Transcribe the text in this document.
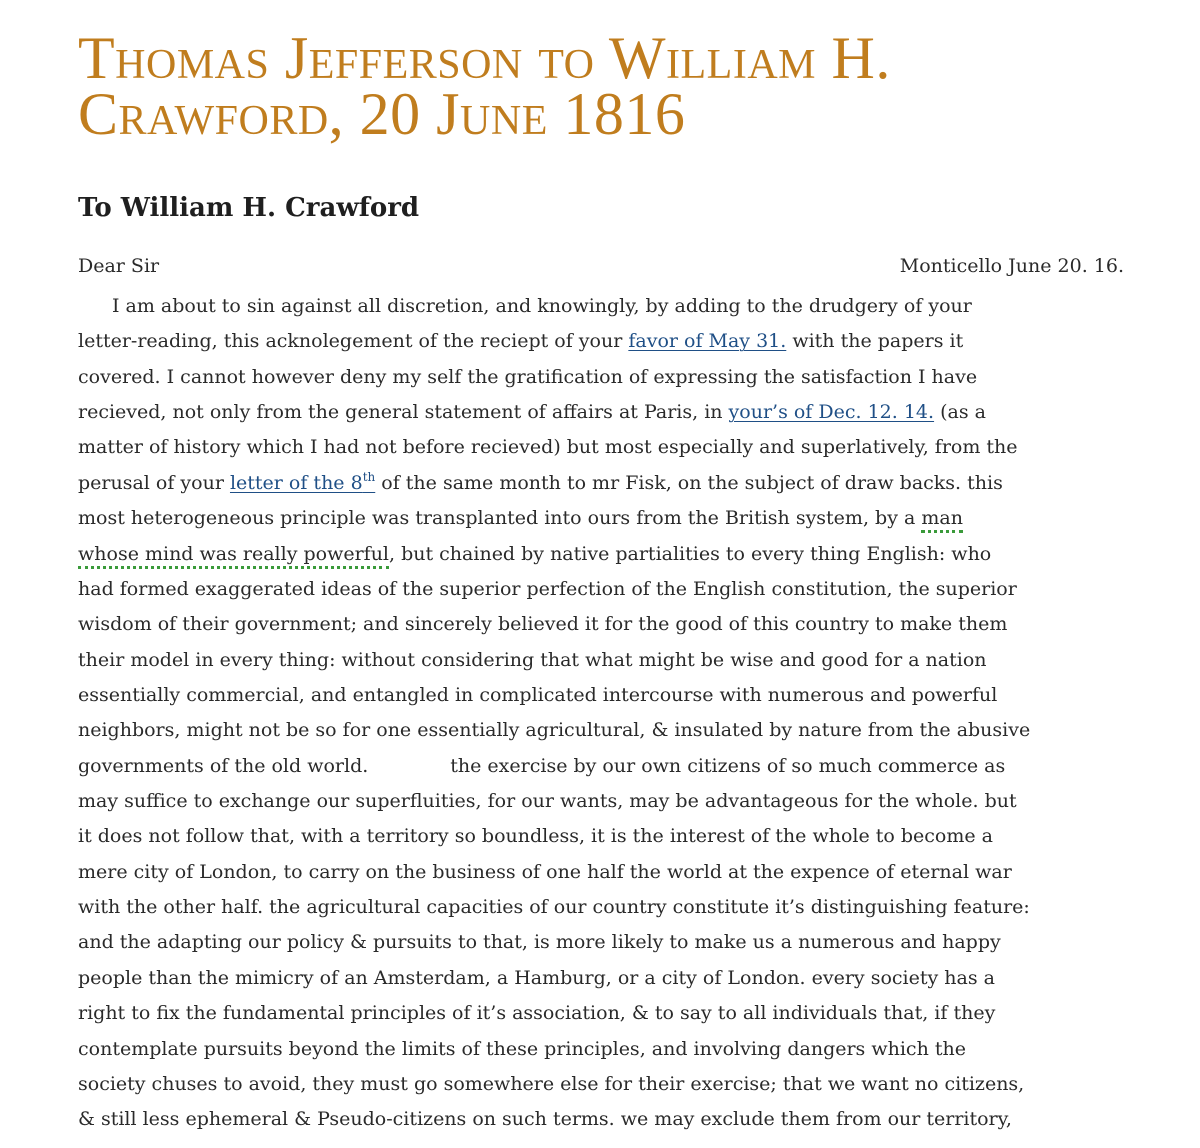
Thomas Jefferson to William H.
Crawford, 20 June 1816
To William H. Crawford
Dear Sir	Monticello June 20. 16.
I am about to sin against all discretion, and knowingly, by adding to the drudgery of your
letter-reading, this acknolegement of the reciept of your favor of May 31. with the papers it
covered. I cannot however deny my self the gratification of expressing the satisfaction I have
recieved, not only from the general statement of affairs at Paris, in your’s of Dec. 12. 14. (as a
matter of history which I had not before recieved) but most especially and superlatively, from the
perusal of your letter of the 8th of the same month to mr Fisk, on the subject of draw backs. this
most heterogeneous principle was transplanted into ours from the British system, by a man
whose mind was really powerful, but chained by native partialities to every thing English: who
had formed exaggerated ideas of the superior perfection of the English constitution, the superior
wisdom of their government; and sincerely believed it for the good of this country to make them
their model in every thing: without considering that what might be wise and good for a nation
essentially commercial, and entangled in complicated intercourse with numerous and powerful
neighbors, might not be so for one essentially agricultural, & insulated by nature from the abusive
governments of the old world.	the exercise by our own citizens of so much commerce as
may suffice to exchange our superfluities, for our wants, may be advantageous for the whole. but
it does not follow that, with a territory so boundless, it is the interest of the whole to become a
mere city of London, to carry on the business of one half the world at the expence of eternal war
with the other half. the agricultural capacities of our country constitute it’s distinguishing feature:
and the adapting our policy & pursuits to that, is more likely to make us a numerous and happy
people than the mimicry of an Amsterdam, a Hamburg, or a city of London. every society has a
right to fix the fundamental principles of it’s association, & to say to all individuals that, if they
contemplate pursuits beyond the limits of these principles, and involving dangers which the
society chuses to avoid, they must go somewhere else for their exercise; that we want no citizens,
& still less ephemeral & Pseudo-citizens on such terms. we may exclude them from our territory,
